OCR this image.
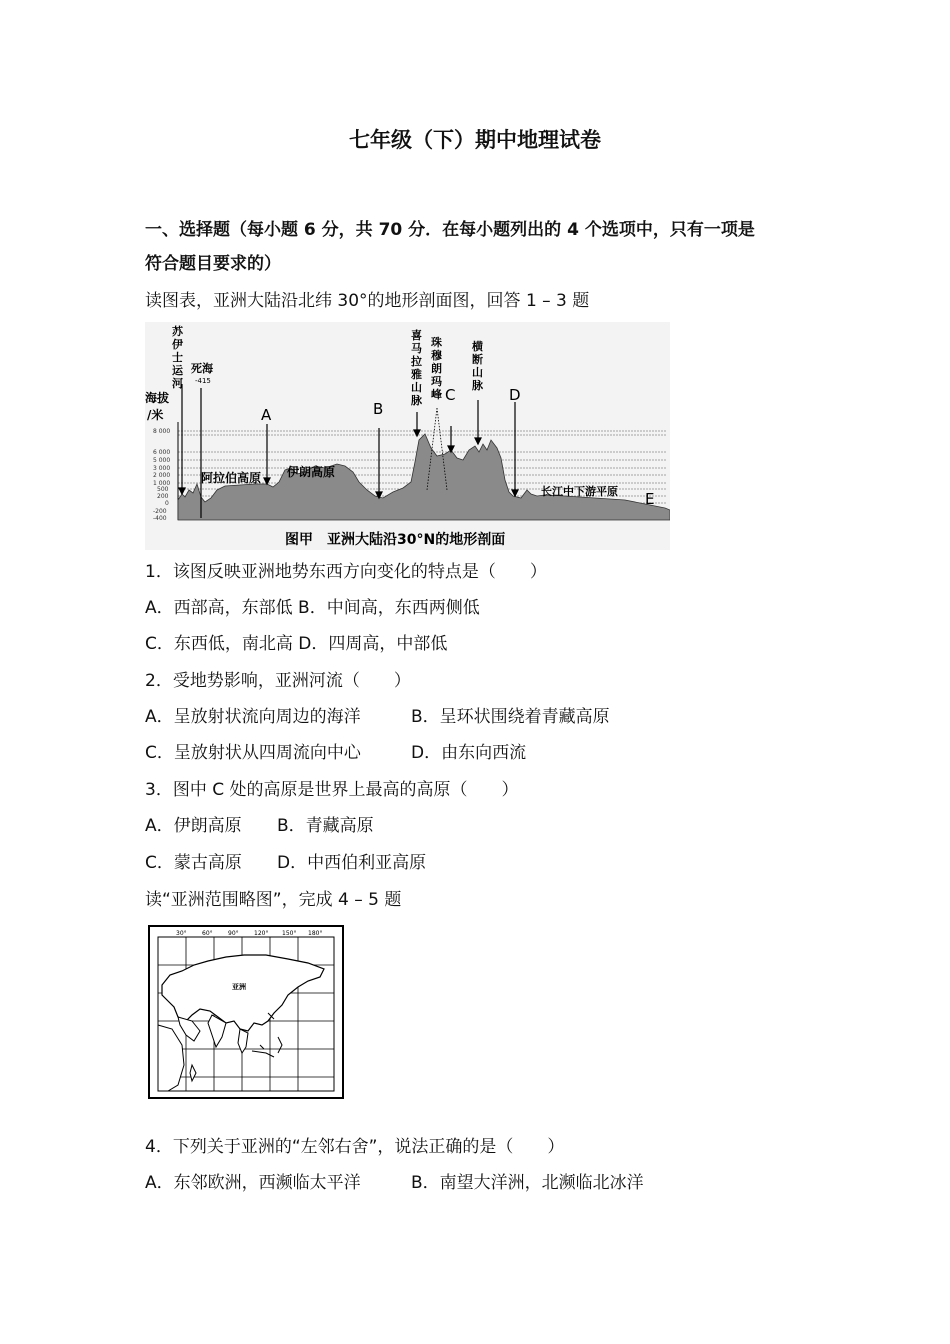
七年级（下）期中地理试卷
一、选择题（每小题 6 分，共 70 分．在每小题列出的 4 个选项中，只有一项是
符合题目要求的）

读图表，亚洲大陆沿北纬 30°的地形剖面图，回答 1 – 3 题

海拔
/米
8 000
6 000
5 000
3 000
2 000
1 000
500
200
0
-200
-400
苏
伊
士
运
河
死海
-415
喜
马
拉
雅
山
脉
珠
穆
朗
玛
峰
横
断
山
脉
阿拉伯高原 伊朗高原
长江中下游平原
A	B
C	D
E
图甲　亚洲大陆沿30°N的地形剖面

1．该图反映亚洲地势东西方向变化的特点是（　　）

A．西部高，东部低 B．中间高，东西两侧低

C．东西低，南北高 D．四周高，中部低

2．受地势影响，亚洲河流（　　）

A．呈放射状流向周边的海洋	B．呈环状围绕着青藏高原

C．呈放射状从四周流向中心	D．由东向西流

3．图中 C 处的高原是世界上最高的高原（　　）

A．伊朗高原 B．青藏高原

C．蒙古高原 D．中西伯利亚高原

读“亚洲范围略图”，完成 4 – 5 题

30°	60°	90°	120° 150° 180°
亚洲

4．下列关于亚洲的“左邻右舍”，说法正确的是（　　）

A．东邻欧洲，西濒临太平洋	B．南望大洋洲，北濒临北冰洋
